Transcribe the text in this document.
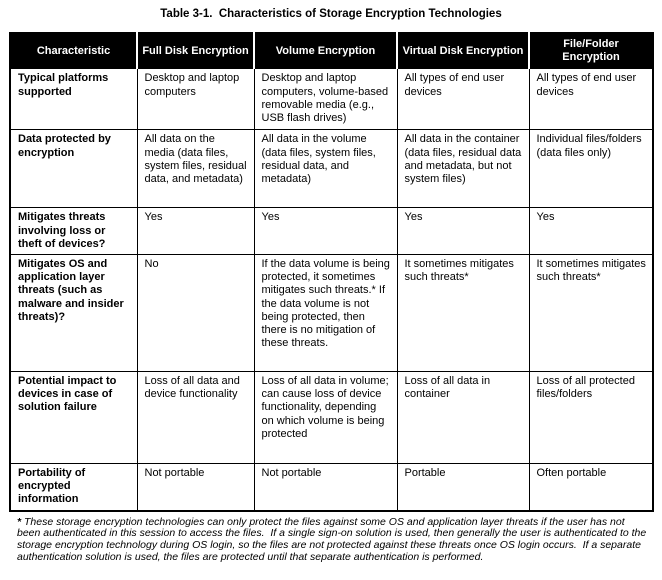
Table 3-1.  Characteristics of Storage Encryption Technologies
Characteristic	Full Disk Encryption	Volume Encryption	Virtual Disk Encryption	File/Folder Encryption
Typical platforms supported	Desktop and laptop computers	Desktop and laptop computers, volume-based removable media (e.g., USB flash drives)	All types of end user devices	All types of end user devices
Data protected by encryption	All data on the media (data files, system files, residual data, and metadata)	All data in the volume (data files, system files, residual data, and metadata)	All data in the container (data files, residual data and metadata, but not system files)	Individual files/folders (data files only)
Mitigates threats involving loss or theft of devices?	Yes	Yes	Yes	Yes
Mitigates OS and application layer threats (such as malware and insider threats)?	No	If the data volume is being protected, it sometimes mitigates such threats.* If the data volume is not being protected, then there is no mitigation of these threats.	It sometimes mitigates such threats*	It sometimes mitigates such threats*
Potential impact to devices in case of solution failure	Loss of all data and device functionality	Loss of all data in volume; can cause loss of device functionality, depending on which volume is being protected	Loss of all data in container	Loss of all protected files/folders
Portability of encrypted information	Not portable	Not portable	Portable	Often portable

* These storage encryption technologies can only protect the files against some OS and application layer threats if the user has not been authenticated in this session to access the files.  If a single sign-on solution is used, then generally the user is authenticated to the storage encryption technology during OS login, so the files are not protected against these threats once OS login occurs.  If a separate authentication solution is used, the files are protected until that separate authentication is performed.
